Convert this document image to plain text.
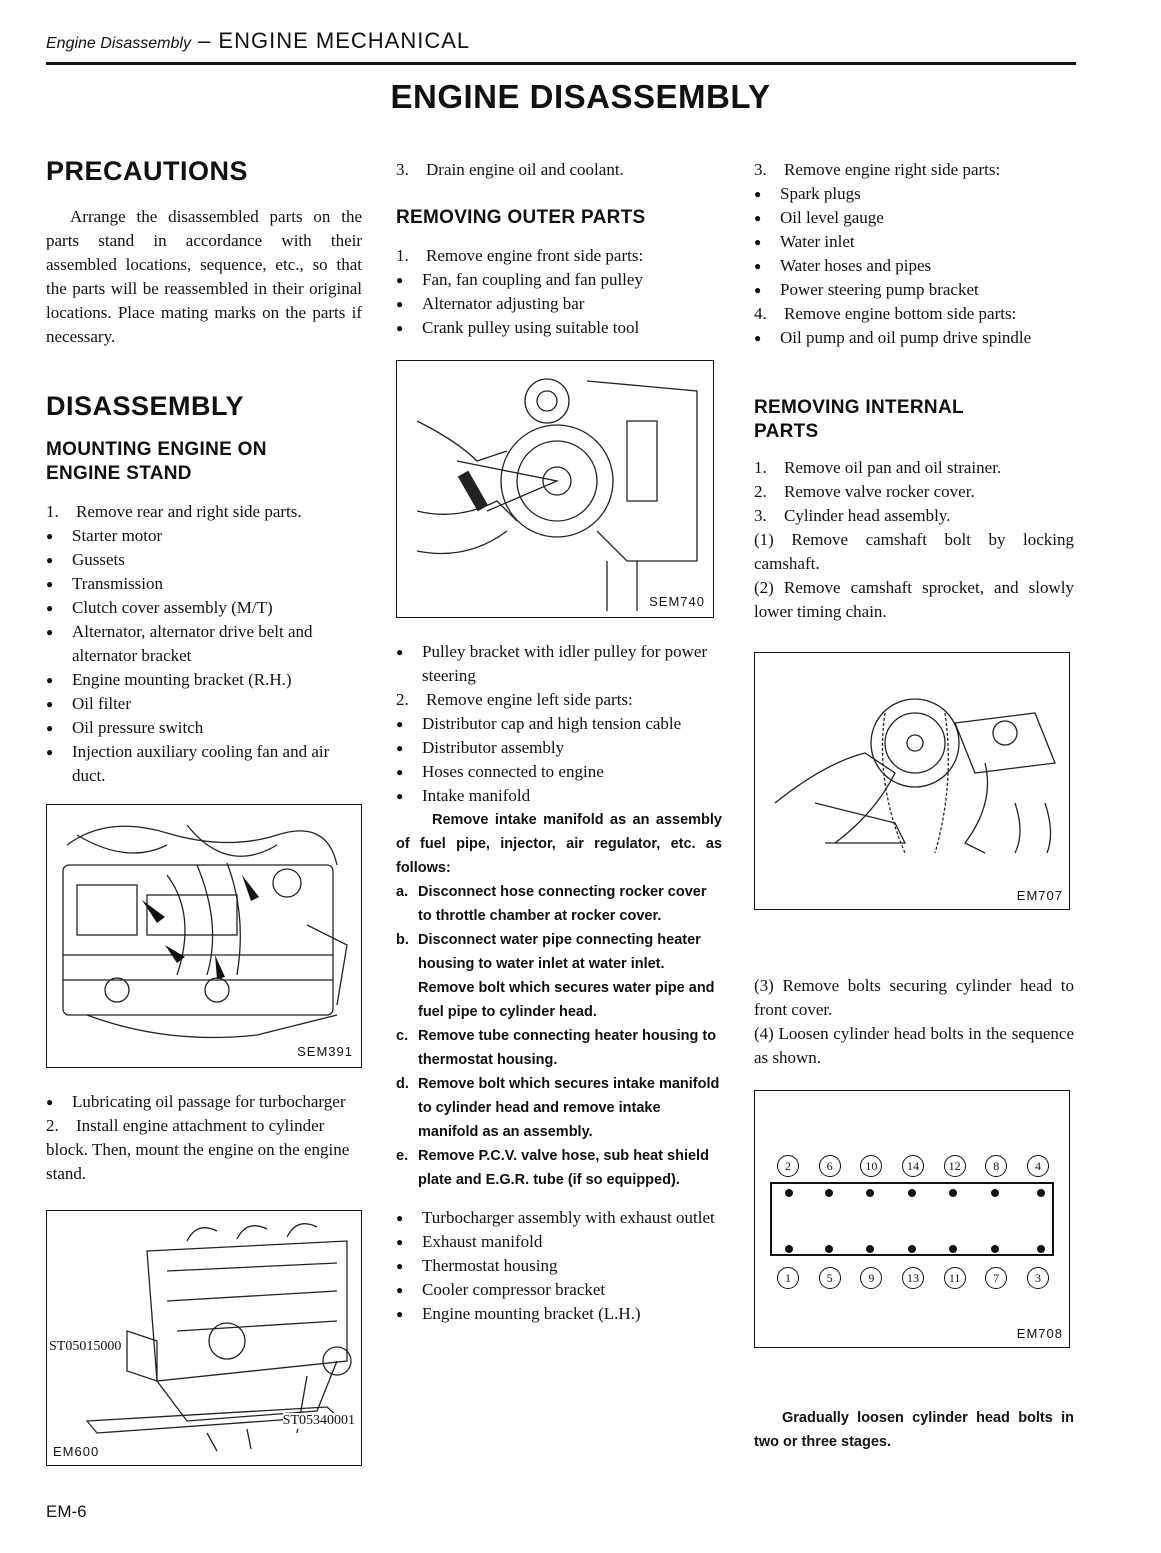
Engine Disassembly – ENGINE MECHANICAL
ENGINE DISASSEMBLY
PRECAUTIONS

Arrange the disassembled parts on the parts stand in accordance with their assembled locations, sequence, etc., so that the parts will be reassembled in their original locations. Place mating marks on the parts if necessary.

DISASSEMBLY
MOUNTING ENGINE ON
ENGINE STAND

1. Remove rear and right side parts.

● Starter motor

● Gussets

● Transmission

● Clutch cover assembly (M/T)

● Alternator, alternator drive belt and alternator bracket

● Engine mounting bracket (R.H.)

● Oil filter

● Oil pressure switch

● Injection auxiliary cooling fan and air duct.

SEM391

● Lubricating oil passage for turbocharger

2. Install engine attachment to cylinder block. Then, mount the engine on the engine stand.

ST05015000
ST05340001
EM600

3. Drain engine oil and coolant.

REMOVING OUTER PARTS

1. Remove engine front side parts:

● Fan, fan coupling and fan pulley

● Alternator adjusting bar

● Crank pulley using suitable tool

SEM740

● Pulley bracket with idler pulley for power steering

2. Remove engine left side parts:

● Distributor cap and high tension cable

● Distributor assembly

● Hoses connected to engine

● Intake manifold

Remove intake manifold as an assembly of fuel pipe, injector, air regulator, etc. as follows:

a. Disconnect hose connecting rocker cover to throttle chamber at rocker cover.

b. Disconnect water pipe connecting heater housing to water inlet at water inlet.

Remove bolt which secures water pipe and fuel pipe to cylinder head.

c. Remove tube connecting heater housing to thermostat housing.

d. Remove bolt which secures intake manifold to cylinder head and remove intake manifold as an assembly.

e. Remove P.C.V. valve hose, sub heat shield plate and E.G.R. tube (if so equipped).

● Turbocharger assembly with exhaust outlet

● Exhaust manifold

● Thermostat housing

● Cooler compressor bracket

● Engine mounting bracket (L.H.)

3. Remove engine right side parts:

● Spark plugs

● Oil level gauge

● Water inlet

● Water hoses and pipes

● Power steering pump bracket

4. Remove engine bottom side parts:

● Oil pump and oil pump drive spindle

REMOVING INTERNAL
PARTS

1. Remove oil pan and oil strainer.

2. Remove valve rocker cover.

3. Cylinder head assembly.

(1) Remove camshaft bolt by locking camshaft.

(2) Remove camshaft sprocket, and slowly lower timing chain.

EM707

(3) Remove bolts securing cylinder head to front cover.

(4) Loosen cylinder head bolts in the sequence as shown.

2	6	10	14	12	8	4
1	5	9	13	11	7	3
EM708

Gradually loosen cylinder head bolts in two or three stages.

EM-6
